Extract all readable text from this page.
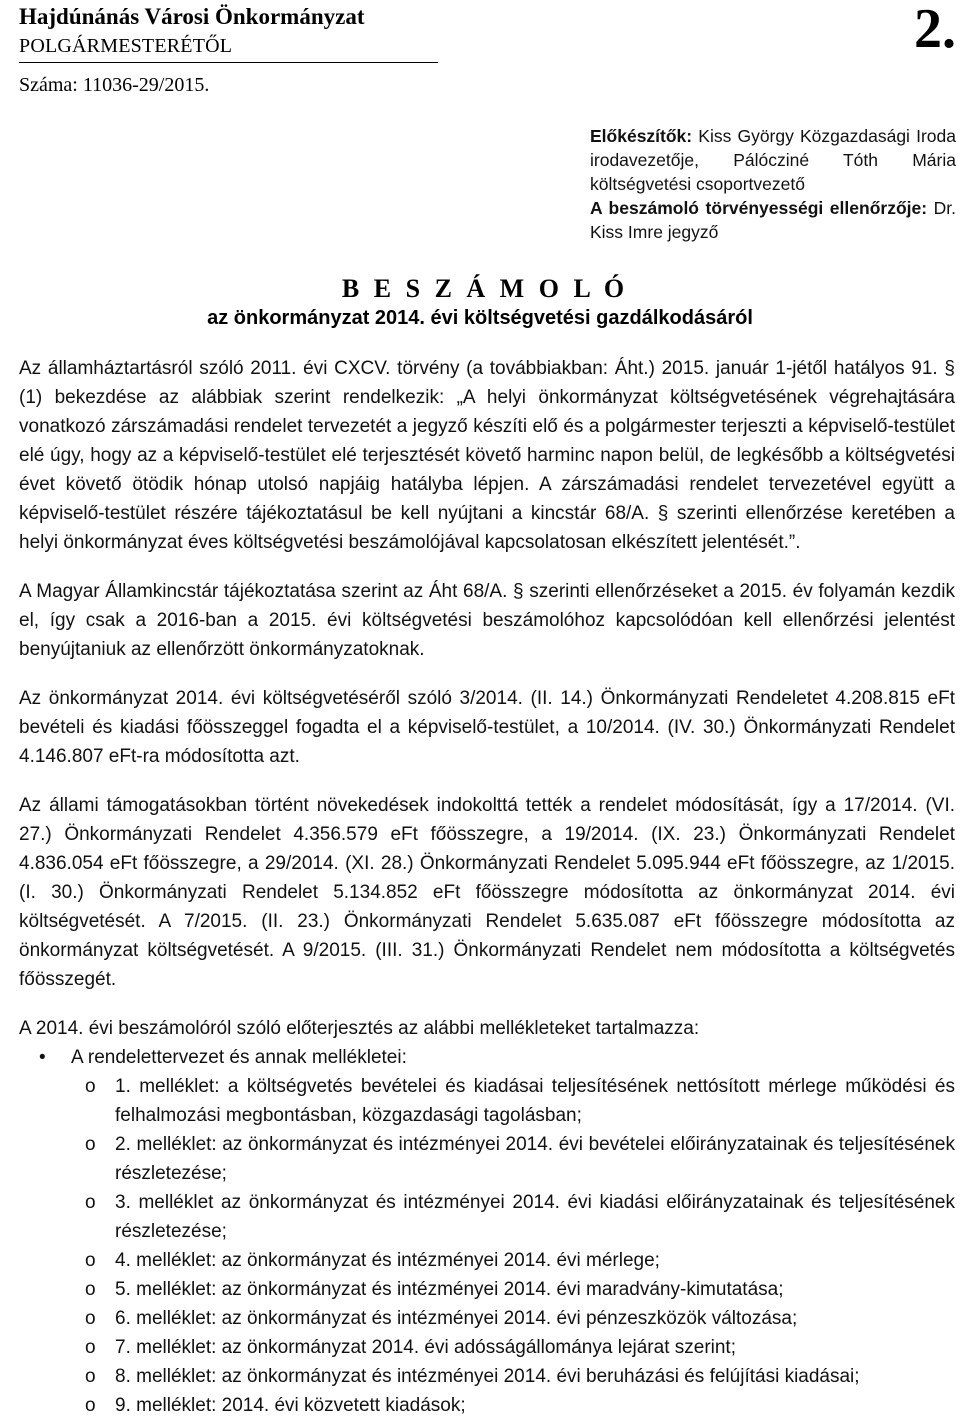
Hajdúnánás Városi Önkormányzat
POLGÁRMESTERÉTŐL	2.
Száma: 11036-29/2015.
Előkészítők: Kiss György Közgazdasági Iroda irodavezetője, Pálócziné Tóth Mária költségvetési csoportvezető
A beszámoló törvényességi ellenőrzője: Dr. Kiss Imre jegyző
B E S Z Á M O L Ó
az önkormányzat 2014. évi költségvetési gazdálkodásáról

Az államháztartásról szóló 2011. évi CXCV. törvény (a továbbiakban: Áht.) 2015. január 1-jétől hatályos 91. § (1) bekezdése az alábbiak szerint rendelkezik: „A helyi önkormányzat költségvetésének végrehajtására vonatkozó zárszámadási rendelet tervezetét a jegyző készíti elő és a polgármester terjeszti a képviselő-testület elé úgy, hogy az a képviselő-testület elé terjesztését követő harminc napon belül, de legkésőbb a költségvetési évet követő ötödik hónap utolsó napjáig hatályba lépjen. A zárszámadási rendelet tervezetével együtt a képviselő-testület részére tájékoztatásul be kell nyújtani a kincstár 68/A. § szerinti ellenőrzése keretében a helyi önkormányzat éves költségvetési beszámolójával kapcsolatosan elkészített jelentését.”.

A Magyar Államkincstár tájékoztatása szerint az Áht 68/A. § szerinti ellenőrzéseket a 2015. év folyamán kezdik el, így csak a 2016-ban a 2015. évi költségvetési beszámolóhoz kapcsolódóan kell ellenőrzési jelentést benyújtaniuk az ellenőrzött önkormányzatoknak.

Az önkormányzat 2014. évi költségvetéséről szóló 3/2014. (II. 14.) Önkormányzati Rendeletet 4.208.815 eFt bevételi és kiadási főösszeggel fogadta el a képviselő-testület, a 10/2014. (IV. 30.) Önkormányzati Rendelet 4.146.807 eFt-ra módosította azt.

Az állami támogatásokban történt növekedések indokolttá tették a rendelet módosítását, így a 17/2014. (VI. 27.) Önkormányzati Rendelet 4.356.579 eFt főösszegre, a 19/2014. (IX. 23.) Önkormányzati Rendelet 4.836.054 eFt főösszegre, a 29/2014. (XI. 28.) Önkormányzati Rendelet 5.095.944 eFt főösszegre, az 1/2015. (I. 30.) Önkormányzati Rendelet 5.134.852 eFt főösszegre módosította az önkormányzat 2014. évi költségvetését. A 7/2015. (II. 23.) Önkormányzati Rendelet 5.635.087 eFt főösszegre módosította az önkormányzat költségvetését. A 9/2015. (III. 31.) Önkormányzati Rendelet nem módosította a költségvetés főösszegét.

A 2014. évi beszámolóról szóló előterjesztés az alábbi mellékleteket tartalmazza:

• A rendelettervezet és annak mellékletei:
o 1. melléklet: a költségvetés bevételei és kiadásai teljesítésének nettósított mérlege működési és felhalmozási megbontásban, közgazdasági tagolásban;
o 2. melléklet: az önkormányzat és intézményei 2014. évi bevételei előirányzatainak és teljesítésének részletezése;
o 3. melléklet az önkormányzat és intézményei 2014. évi kiadási előirányzatainak és teljesítésének részletezése;
o 4. melléklet: az önkormányzat és intézményei 2014. évi mérlege;
o 5. melléklet: az önkormányzat és intézményei 2014. évi maradvány-kimutatása;
o 6. melléklet: az önkormányzat és intézményei 2014. évi pénzeszközök változása;
o 7. melléklet: az önkormányzat 2014. évi adósságállománya lejárat szerint;
o 8. melléklet: az önkormányzat és intézményei 2014. évi beruházási és felújítási kiadásai;
o 9. melléklet: 2014. évi közvetett kiadások;
